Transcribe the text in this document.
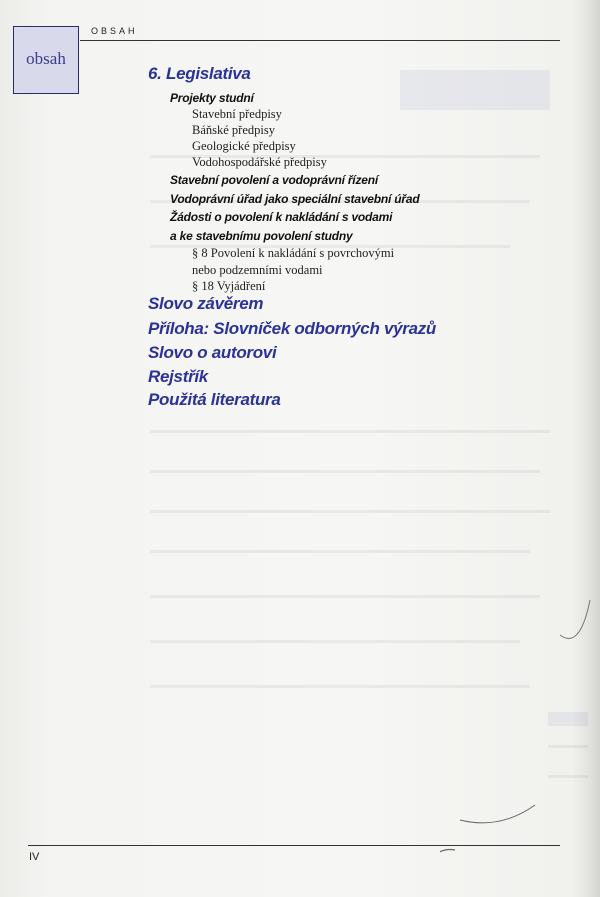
OBSAH
obsah
6. Legislativa
Projekty studní
Stavební předpisy
Báňské předpisy
Geologické předpisy
Vodohospodářské předpisy
Stavební povolení a vodoprávní řízení
Vodoprávní úřad jako speciální stavební úřad
Žádosti o povolení k nakládání s vodami
a ke stavebnímu povolení studny
§ 8 Povolení k nakládání s povrchovými
nebo podzemními vodami
§ 18 Vyjádření
Slovo závěrem
Příloha: Slovníček odborných výrazů
Slovo o autorovi
Rejstřík
Použitá literatura
IV
